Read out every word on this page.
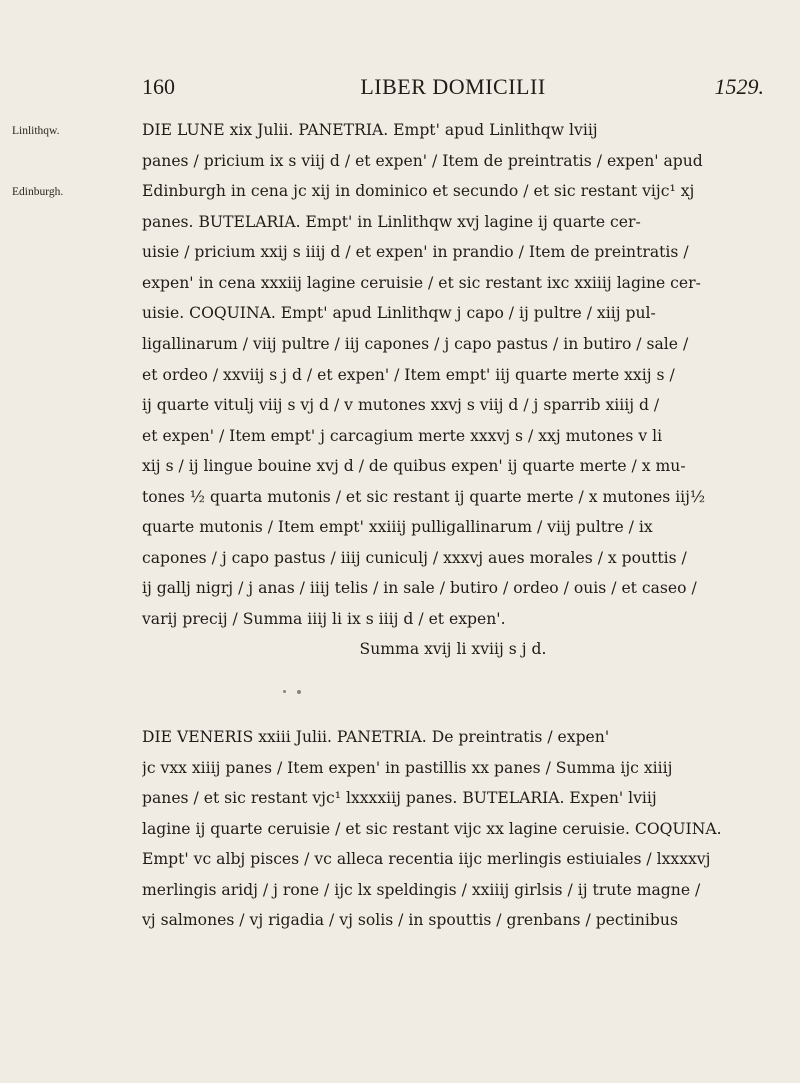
160	LIBER DOMICILII	1529.
Linlithqw.
Edinburgh.
DIE LUNE xix Julii. PANETRIA. Empt' apud Linlithqw lviij
panes / pricium ix s viij d / et expen' / Item de preintratis / expen' apud
Edinburgh in cena jc xij in dominico et secundo / et sic restant vijc¹ xj
panes. BUTELARIA. Empt' in Linlithqw xvj lagine ij quarte cer-
uisie / pricium xxij s iiij d / et expen' in prandio / Item de preintratis /
expen' in cena xxxiij lagine ceruisie / et sic restant ixc xxiiij lagine cer-
uisie. COQUINA. Empt' apud Linlithqw j capo / ij pultre / xiij pul-
ligallinarum / viij pultre / iij capones / j capo pastus / in butiro / sale /
et ordeo / xxviij s j d / et expen' / Item empt' iij quarte merte xxij s /
ij quarte vitulj viij s vj d / v mutones xxvj s viij d / j sparrib xiiij d /
et expen' / Item empt' j carcagium merte xxxvj s / xxj mutones v li
xij s / ij lingue bouine xvj d / de quibus expen' ij quarte merte / x mu-
tones ½ quarta mutonis / et sic restant ij quarte merte / x mutones iij½
quarte mutonis / Item empt' xxiiij pulligallinarum / viij pultre / ix
capones / j capo pastus / iiij cuniculj / xxxvj aues morales / x pouttis /
ij gallj nigrj / j anas / iiij telis / in sale / butiro / ordeo / ouis / et caseo /
varij precij / Summa iiij li ix s iiij d / et expen'.
Summa xvij li xviij s j d.
DIE VENERIS xxiii Julii. PANETRIA. De preintratis / expen'
jc vxx xiiij panes / Item expen' in pastillis xx panes / Summa ijc xiiij
panes / et sic restant vjc¹ lxxxxiij panes. BUTELARIA. Expen' lviij
lagine ij quarte ceruisie / et sic restant vijc xx lagine ceruisie. COQUINA.
Empt' vc albj pisces / vc alleca recentia iijc merlingis estiuiales / lxxxxvj
merlingis aridj / j rone / ijc lx speldingis / xxiiij girlsis / ij trute magne /
vj salmones / vj rigadia / vj solis / in spouttis / grenbans / pectinibus
